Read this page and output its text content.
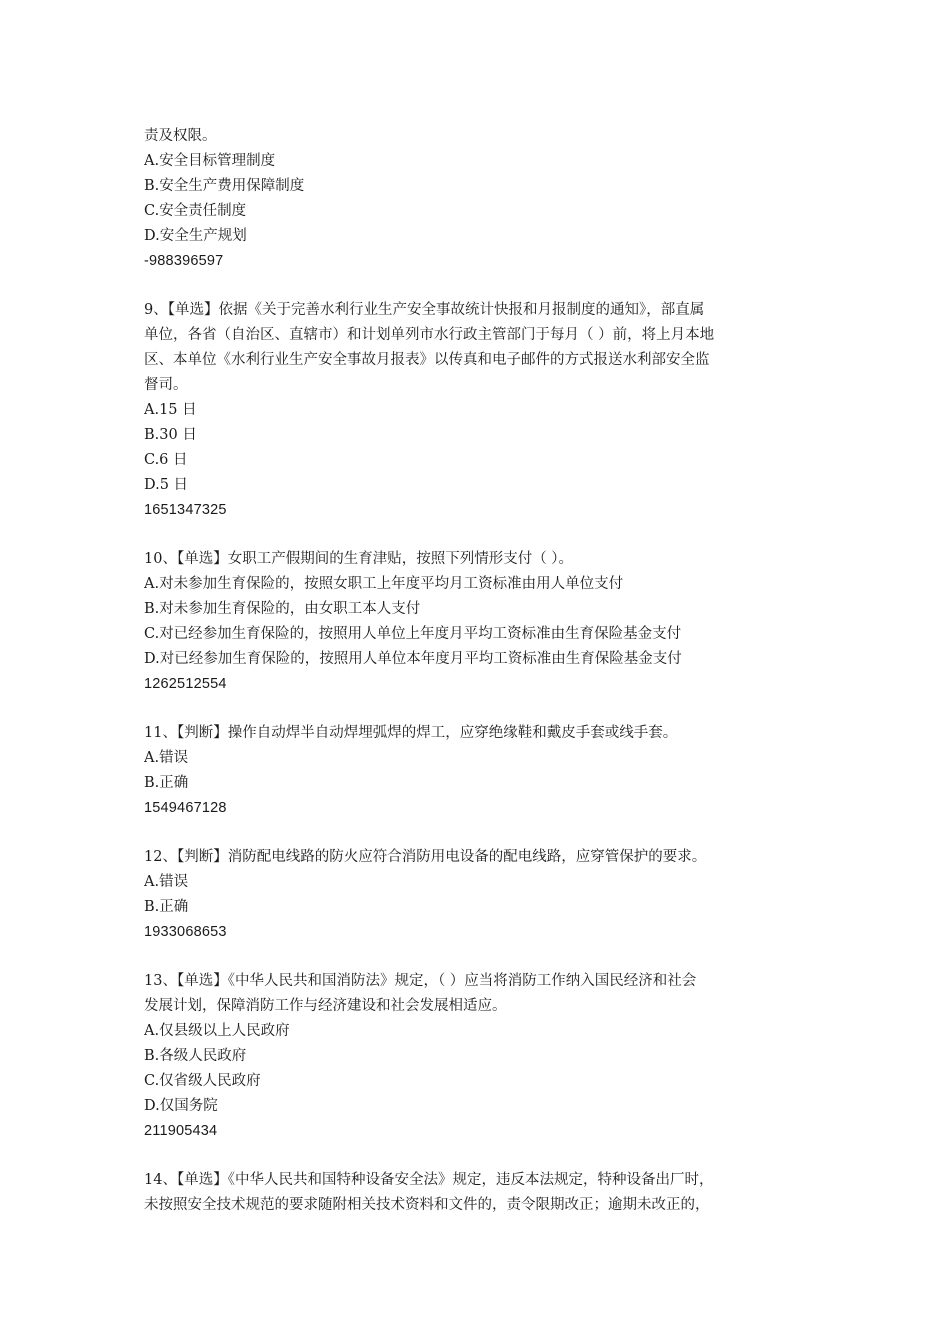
责及权限。
A.安全目标管理制度
B.安全生产费用保障制度
C.安全责任制度
D.安全生产规划
-988396597
9、【单选】依据《关于完善水利行业生产安全事故统计快报和月报制度的通知》，部直属
单位，各省（自治区、直辖市）和计划单列市水行政主管部门于每月（ ）前，将上月本地
区、本单位《水利行业生产安全事故月报表》以传真和电子邮件的方式报送水利部安全监
督司。
A.15 日
B.30 日
C.6 日
D.5 日
1651347325
10、【单选】女职工产假期间的生育津贴，按照下列情形支付（ ）。
A.对未参加生育保险的，按照女职工上年度平均月工资标准由用人单位支付
B.对未参加生育保险的，由女职工本人支付
C.对已经参加生育保险的，按照用人单位上年度月平均工资标准由生育保险基金支付
D.对已经参加生育保险的，按照用人单位本年度月平均工资标准由生育保险基金支付
1262512554
11、【判断】操作自动焊半自动焊埋弧焊的焊工，应穿绝缘鞋和戴皮手套或线手套。
A.错误
B.正确
1549467128
12、【判断】消防配电线路的防火应符合消防用电设备的配电线路，应穿管保护的要求。
A.错误
B.正确
1933068653
13、【单选】《中华人民共和国消防法》规定，（ ）应当将消防工作纳入国民经济和社会
发展计划，保障消防工作与经济建设和社会发展相适应。
A.仅县级以上人民政府
B.各级人民政府
C.仅省级人民政府
D.仅国务院
211905434
14、【单选】《中华人民共和国特种设备安全法》规定，违反本法规定，特种设备出厂时，
未按照安全技术规范的要求随附相关技术资料和文件的，责令限期改正；逾期未改正的，
